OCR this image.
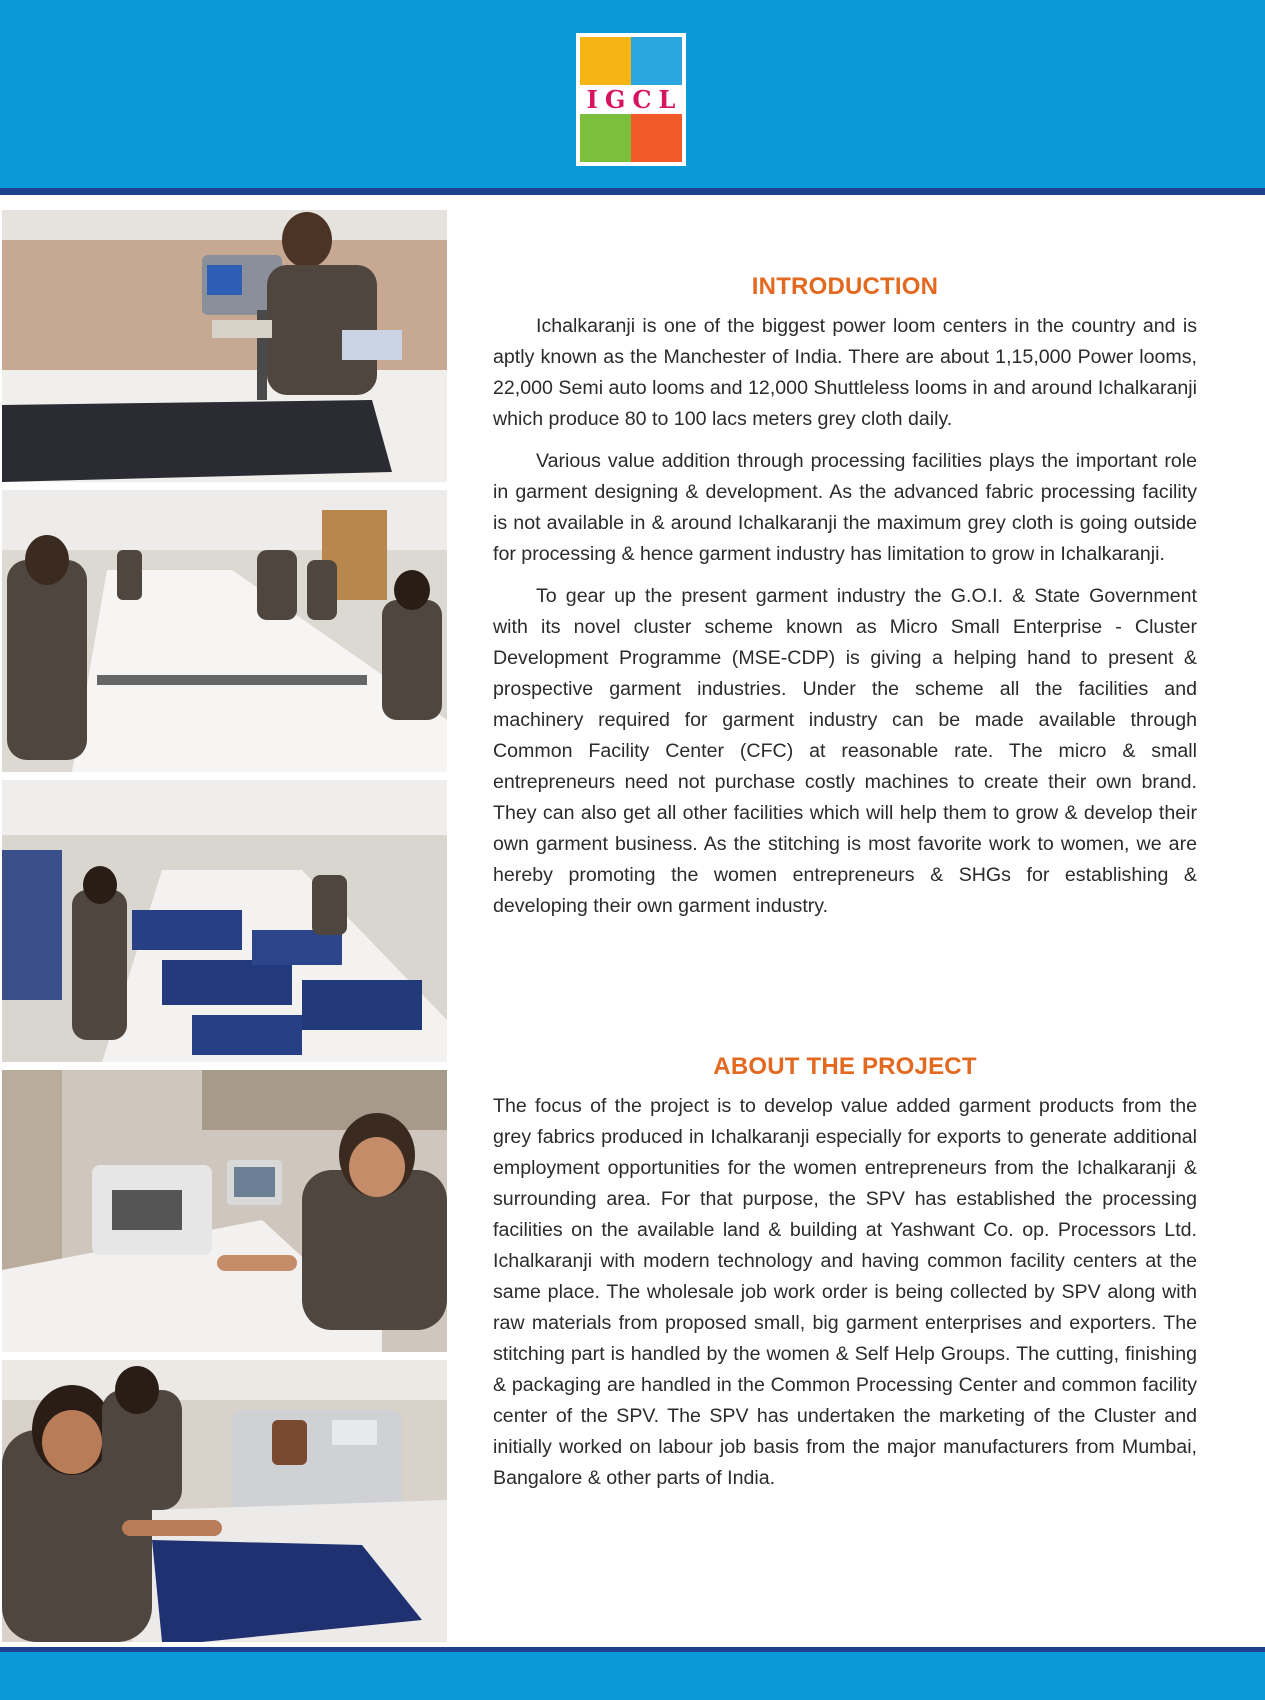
IGCL
INTRODUCTION

Ichalkaranji is one of the biggest power loom centers in the country and is aptly known as the Manchester of India. There are about 1,15,000 Power looms, 22,000 Semi auto looms and 12,000 Shuttleless looms in and around Ichalkaranji which produce 80 to 100 lacs meters grey cloth daily.

Various value addition through processing facilities plays the important role in garment designing & development. As the advanced fabric processing facility is not available in & around Ichalkaranji the maximum grey cloth is going outside for processing & hence garment industry has limitation to grow in Ichalkaranji.

To gear up the present garment industry the G.O.I. & State Government with its novel cluster scheme known as Micro Small Enterprise - Cluster Development Programme (MSE-CDP) is giving a helping hand to present & prospective garment industries. Under the scheme all the facilities and machinery required for garment industry can be made available through Common Facility Center (CFC) at reasonable rate. The micro & small entrepreneurs need not purchase costly machines to create their own brand. They can also get all other facilities which will help them to grow & develop their own garment business. As the stitching is most favorite work to women, we are hereby promoting the women entrepreneurs & SHGs for establishing & developing their own garment industry.

ABOUT THE PROJECT

The focus of the project is to develop value added garment products from the grey fabrics produced in Ichalkaranji especially for exports to generate additional employment opportunities for the women entrepreneurs from the Ichalkaranji & surrounding area. For that purpose, the SPV has established the processing facilities on the available land & building at Yashwant Co. op. Processors Ltd. Ichalkaranji with modern technology and having common facility centers at the same place. The wholesale job work order is being collected by SPV along with raw materials from proposed small, big garment enterprises and exporters. The stitching part is handled by the women & Self Help Groups. The cutting, finishing & packaging are handled in the Common Processing Center and common facility center of the SPV. The SPV has undertaken the marketing of the Cluster and initially worked on labour job basis from the major manufacturers from Mumbai, Bangalore & other parts of India.
